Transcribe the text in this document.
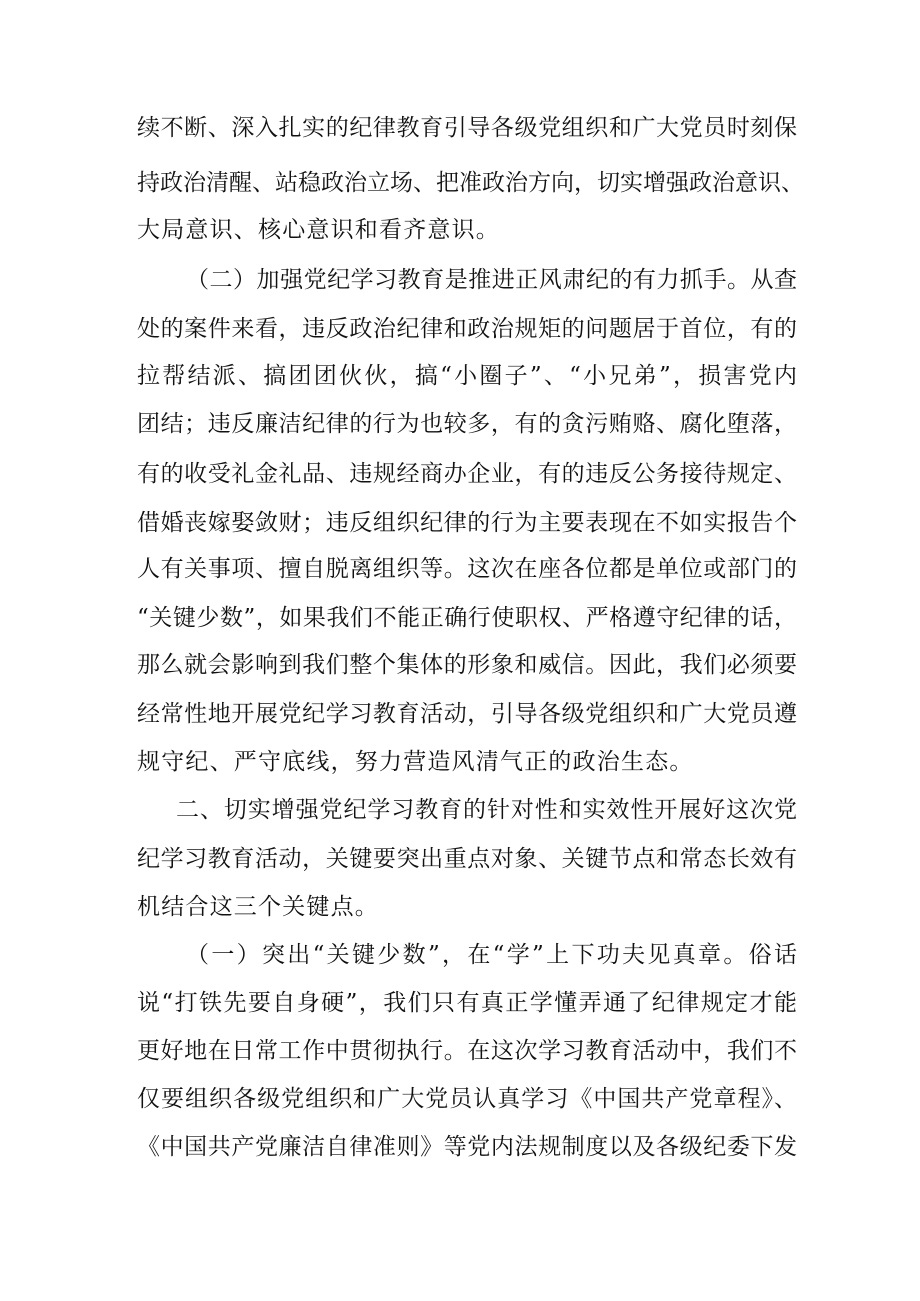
续不断、深入扎实的纪律教育引导各级党组织和广大党员时刻保
持政治清醒、站稳政治立场、把准政治方向，切实增强政治意识、
大局意识、核心意识和看齐意识。
（二）加强党纪学习教育是推进正风肃纪的有力抓手。从查
处的案件来看，违反政治纪律和政治规矩的问题居于首位，有的
拉帮结派、搞团团伙伙，搞“小圈子”、“小兄弟”，损害党内
团结；违反廉洁纪律的行为也较多，有的贪污贿赂、腐化堕落，
有的收受礼金礼品、违规经商办企业，有的违反公务接待规定、
借婚丧嫁娶敛财；违反组织纪律的行为主要表现在不如实报告个
人有关事项、擅自脱离组织等。这次在座各位都是单位或部门的
“关键少数”，如果我们不能正确行使职权、严格遵守纪律的话，
那么就会影响到我们整个集体的形象和威信。因此，我们必须要
经常性地开展党纪学习教育活动，引导各级党组织和广大党员遵
规守纪、严守底线，努力营造风清气正的政治生态。
二、切实增强党纪学习教育的针对性和实效性开展好这次党
纪学习教育活动，关键要突出重点对象、关键节点和常态长效有
机结合这三个关键点。
（一）突出“关键少数”，在“学”上下功夫见真章。俗话
说“打铁先要自身硬”，我们只有真正学懂弄通了纪律规定才能
更好地在日常工作中贯彻执行。在这次学习教育活动中，我们不
仅要组织各级党组织和广大党员认真学习《中国共产党章程》、
《中国共产党廉洁自律准则》等党内法规制度以及各级纪委下发
